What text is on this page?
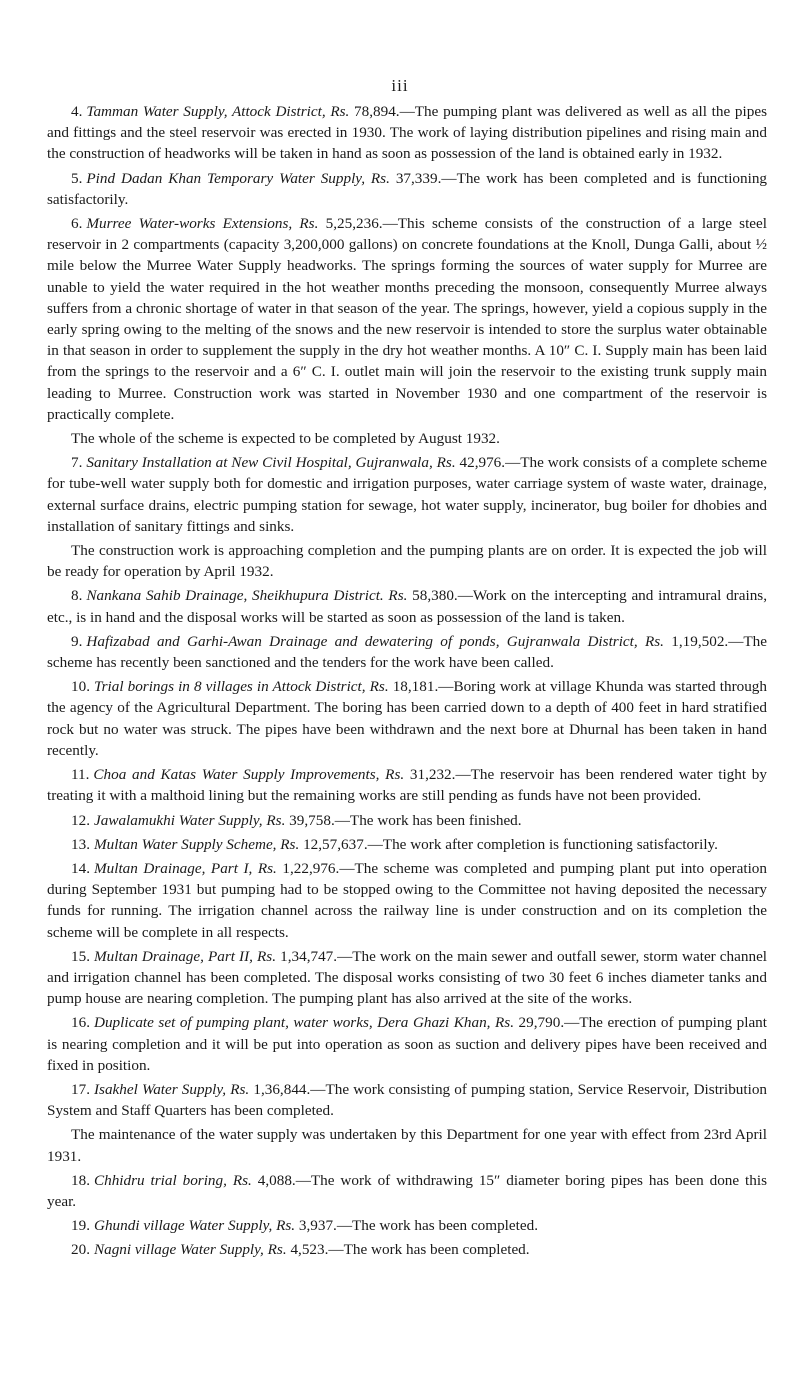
iii

4. Tamman Water Supply, Attock District, Rs. 78,894.—The pumping plant was delivered as well as all the pipes and fittings and the steel reservoir was erected in 1930. The work of laying distribution pipelines and rising main and the construction of headworks will be taken in hand as soon as possession of the land is obtained early in 1932.

5. Pind Dadan Khan Temporary Water Supply, Rs. 37,339.—The work has been completed and is functioning satisfactorily.

6. Murree Water-works Extensions, Rs. 5,25,236.—This scheme consists of the construction of a large steel reservoir in 2 compartments (capacity 3,200,000 gallons) on concrete foundations at the Knoll, Dunga Galli, about ½ mile below the Murree Water Supply headworks. The springs forming the sources of water supply for Murree are unable to yield the water required in the hot weather months preceding the monsoon, consequently Murree always suffers from a chronic shortage of water in that season of the year. The springs, however, yield a copious supply in the early spring owing to the melting of the snows and the new reservoir is intended to store the surplus water obtainable in that season in order to supplement the supply in the dry hot weather months. A 10″ C. I. Supply main has been laid from the springs to the reservoir and a 6″ C. I. outlet main will join the reservoir to the existing trunk supply main leading to Murree. Construction work was started in November 1930 and one compartment of the reservoir is practically complete.

The whole of the scheme is expected to be completed by August 1932.

7. Sanitary Installation at New Civil Hospital, Gujranwala, Rs. 42,976.—The work consists of a complete scheme for tube-well water supply both for domestic and irrigation purposes, water carriage system of waste water, drainage, external surface drains, electric pumping station for sewage, hot water supply, incinerator, bug boiler for dhobies and installation of sanitary fittings and sinks.

The construction work is approaching completion and the pumping plants are on order. It is expected the job will be ready for operation by April 1932.

8. Nankana Sahib Drainage, Sheikhupura District. Rs. 58,380.—Work on the intercepting and intramural drains, etc., is in hand and the disposal works will be started as soon as possession of the land is taken.

9. Hafizabad and Garhi-Awan Drainage and dewatering of ponds, Gujranwala District, Rs. 1,19,502.—The scheme has recently been sanctioned and the tenders for the work have been called.

10. Trial borings in 8 villages in Attock District, Rs. 18,181.—Boring work at village Khunda was started through the agency of the Agricultural Department. The boring has been carried down to a depth of 400 feet in hard stratified rock but no water was struck. The pipes have been withdrawn and the next bore at Dhurnal has been taken in hand recently.

11. Choa and Katas Water Supply Improvements, Rs. 31,232.—The reservoir has been rendered water tight by treating it with a malthoid lining but the remaining works are still pending as funds have not been provided.

12. Jawalamukhi Water Supply, Rs. 39,758.—The work has been finished.

13. Multan Water Supply Scheme, Rs. 12,57,637.—The work after completion is functioning satisfactorily.

14. Multan Drainage, Part I, Rs. 1,22,976.—The scheme was completed and pumping plant put into operation during September 1931 but pumping had to be stopped owing to the Committee not having deposited the necessary funds for running. The irrigation channel across the railway line is under construction and on its completion the scheme will be complete in all respects.

15. Multan Drainage, Part II, Rs. 1,34,747.—The work on the main sewer and outfall sewer, storm water channel and irrigation channel has been completed. The disposal works consisting of two 30 feet 6 inches diameter tanks and pump house are nearing completion. The pumping plant has also arrived at the site of the works.

16. Duplicate set of pumping plant, water works, Dera Ghazi Khan, Rs. 29,790.—The erection of pumping plant is nearing completion and it will be put into operation as soon as suction and delivery pipes have been received and fixed in position.

17. Isakhel Water Supply, Rs. 1,36,844.—The work consisting of pumping station, Service Reservoir, Distribution System and Staff Quarters has been completed.

The maintenance of the water supply was undertaken by this Department for one year with effect from 23rd April 1931.

18. Chhidru trial boring, Rs. 4,088.—The work of withdrawing 15″ diameter boring pipes has been done this year.

19. Ghundi village Water Supply, Rs. 3,937.—The work has been completed.

20. Nagni village Water Supply, Rs. 4,523.—The work has been completed.
